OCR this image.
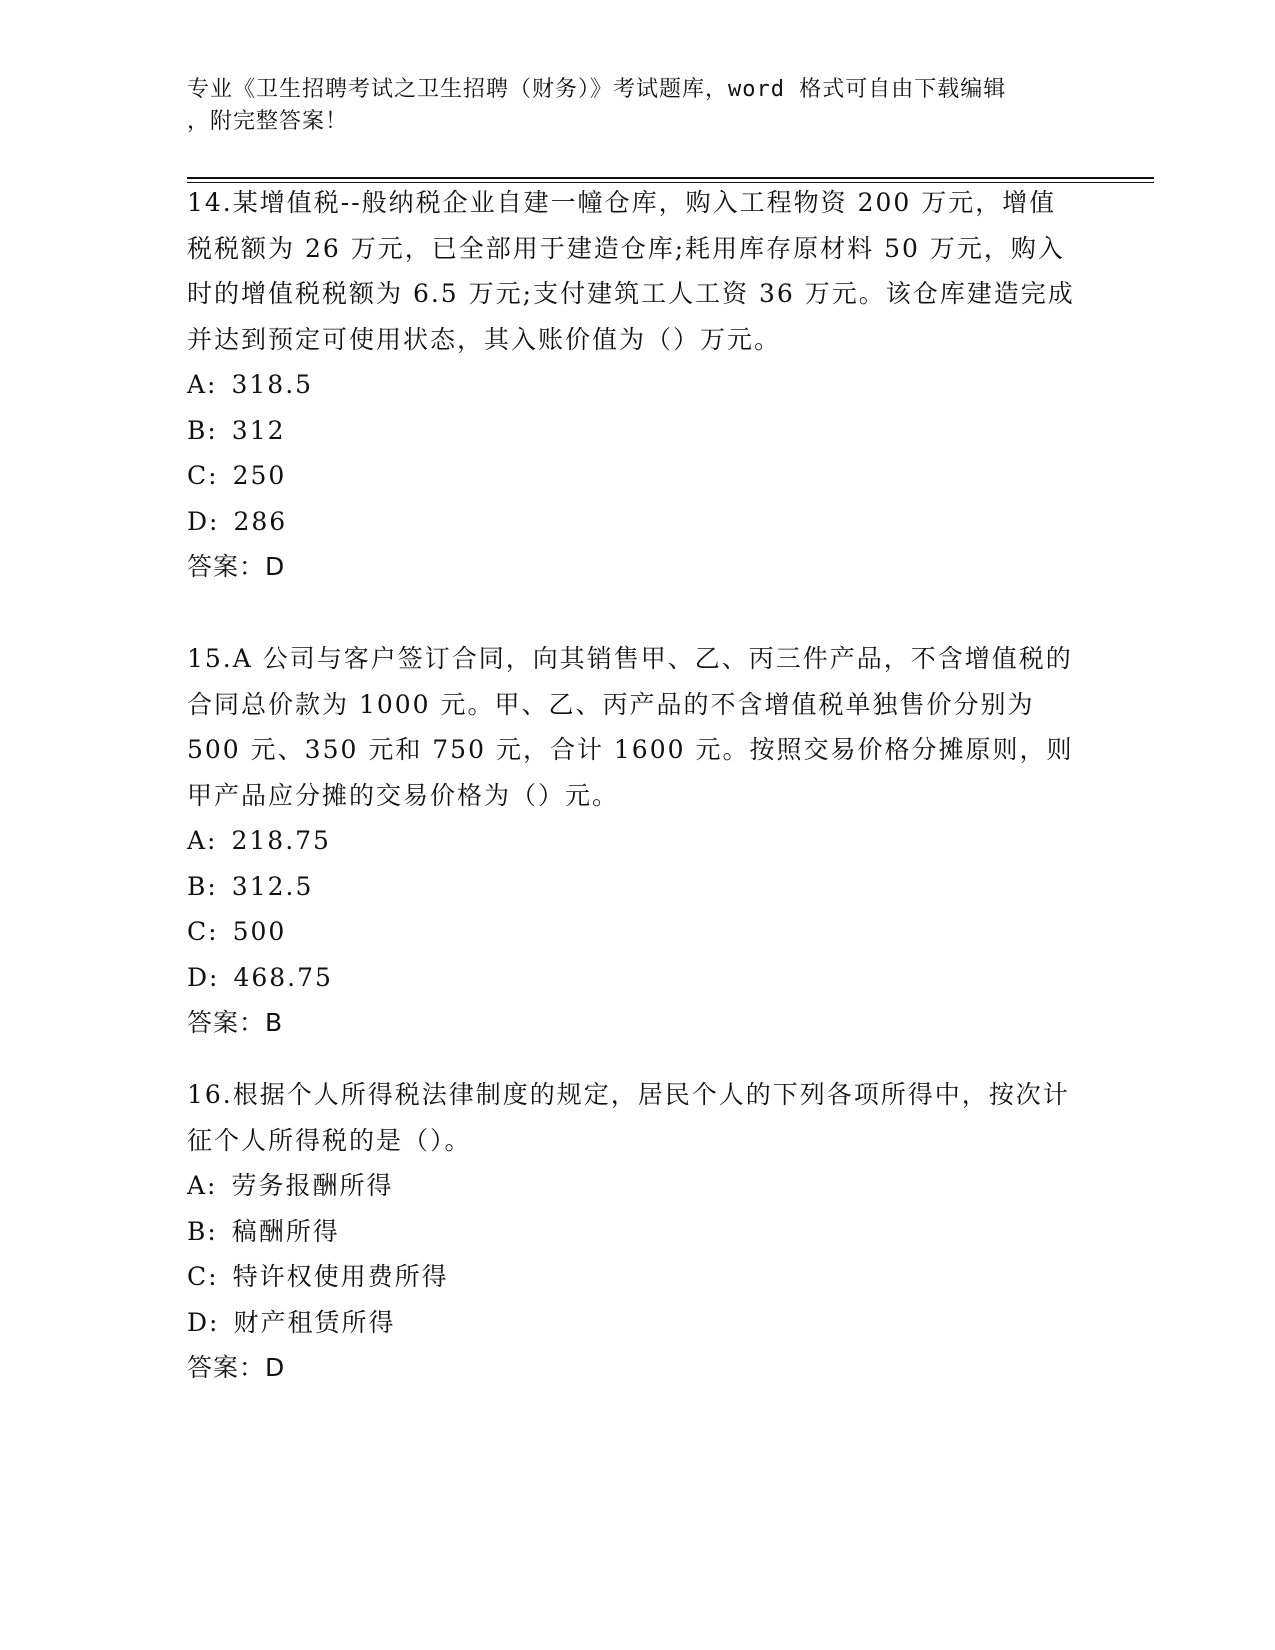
专业《卫生招聘考试之卫生招聘（财务）》考试题库，word 格式可自由下载编辑
，附完整答案！
14.某增值税--般纳税企业自建一幢仓库，购入工程物资 200 万元，增值税税额为 26 万元，已全部用于建造仓库;耗用库存原材料 50 万元，购入时的增值税税额为 6.5 万元;支付建筑工人工资 36 万元。该仓库建造完成并达到预定可使用状态，其入账价值为（）万元。
A: 318.5
B: 312
C: 250
D: 286
答案：D
15.A 公司与客户签订合同，向其销售甲、乙、丙三件产品，不含增值税的合同总价款为 1000 元。甲、乙、丙产品的不含增值税单独售价分别为 500 元、350 元和 750 元，合计 1600 元。按照交易价格分摊原则，则甲产品应分摊的交易价格为（）元。
A: 218.75
B: 312.5
C: 500
D: 468.75
答案：B
16.根据个人所得税法律制度的规定，居民个人的下列各项所得中，按次计征个人所得税的是（）。
A: 劳务报酬所得
B: 稿酬所得
C: 特许权使用费所得
D: 财产租赁所得
答案：D
